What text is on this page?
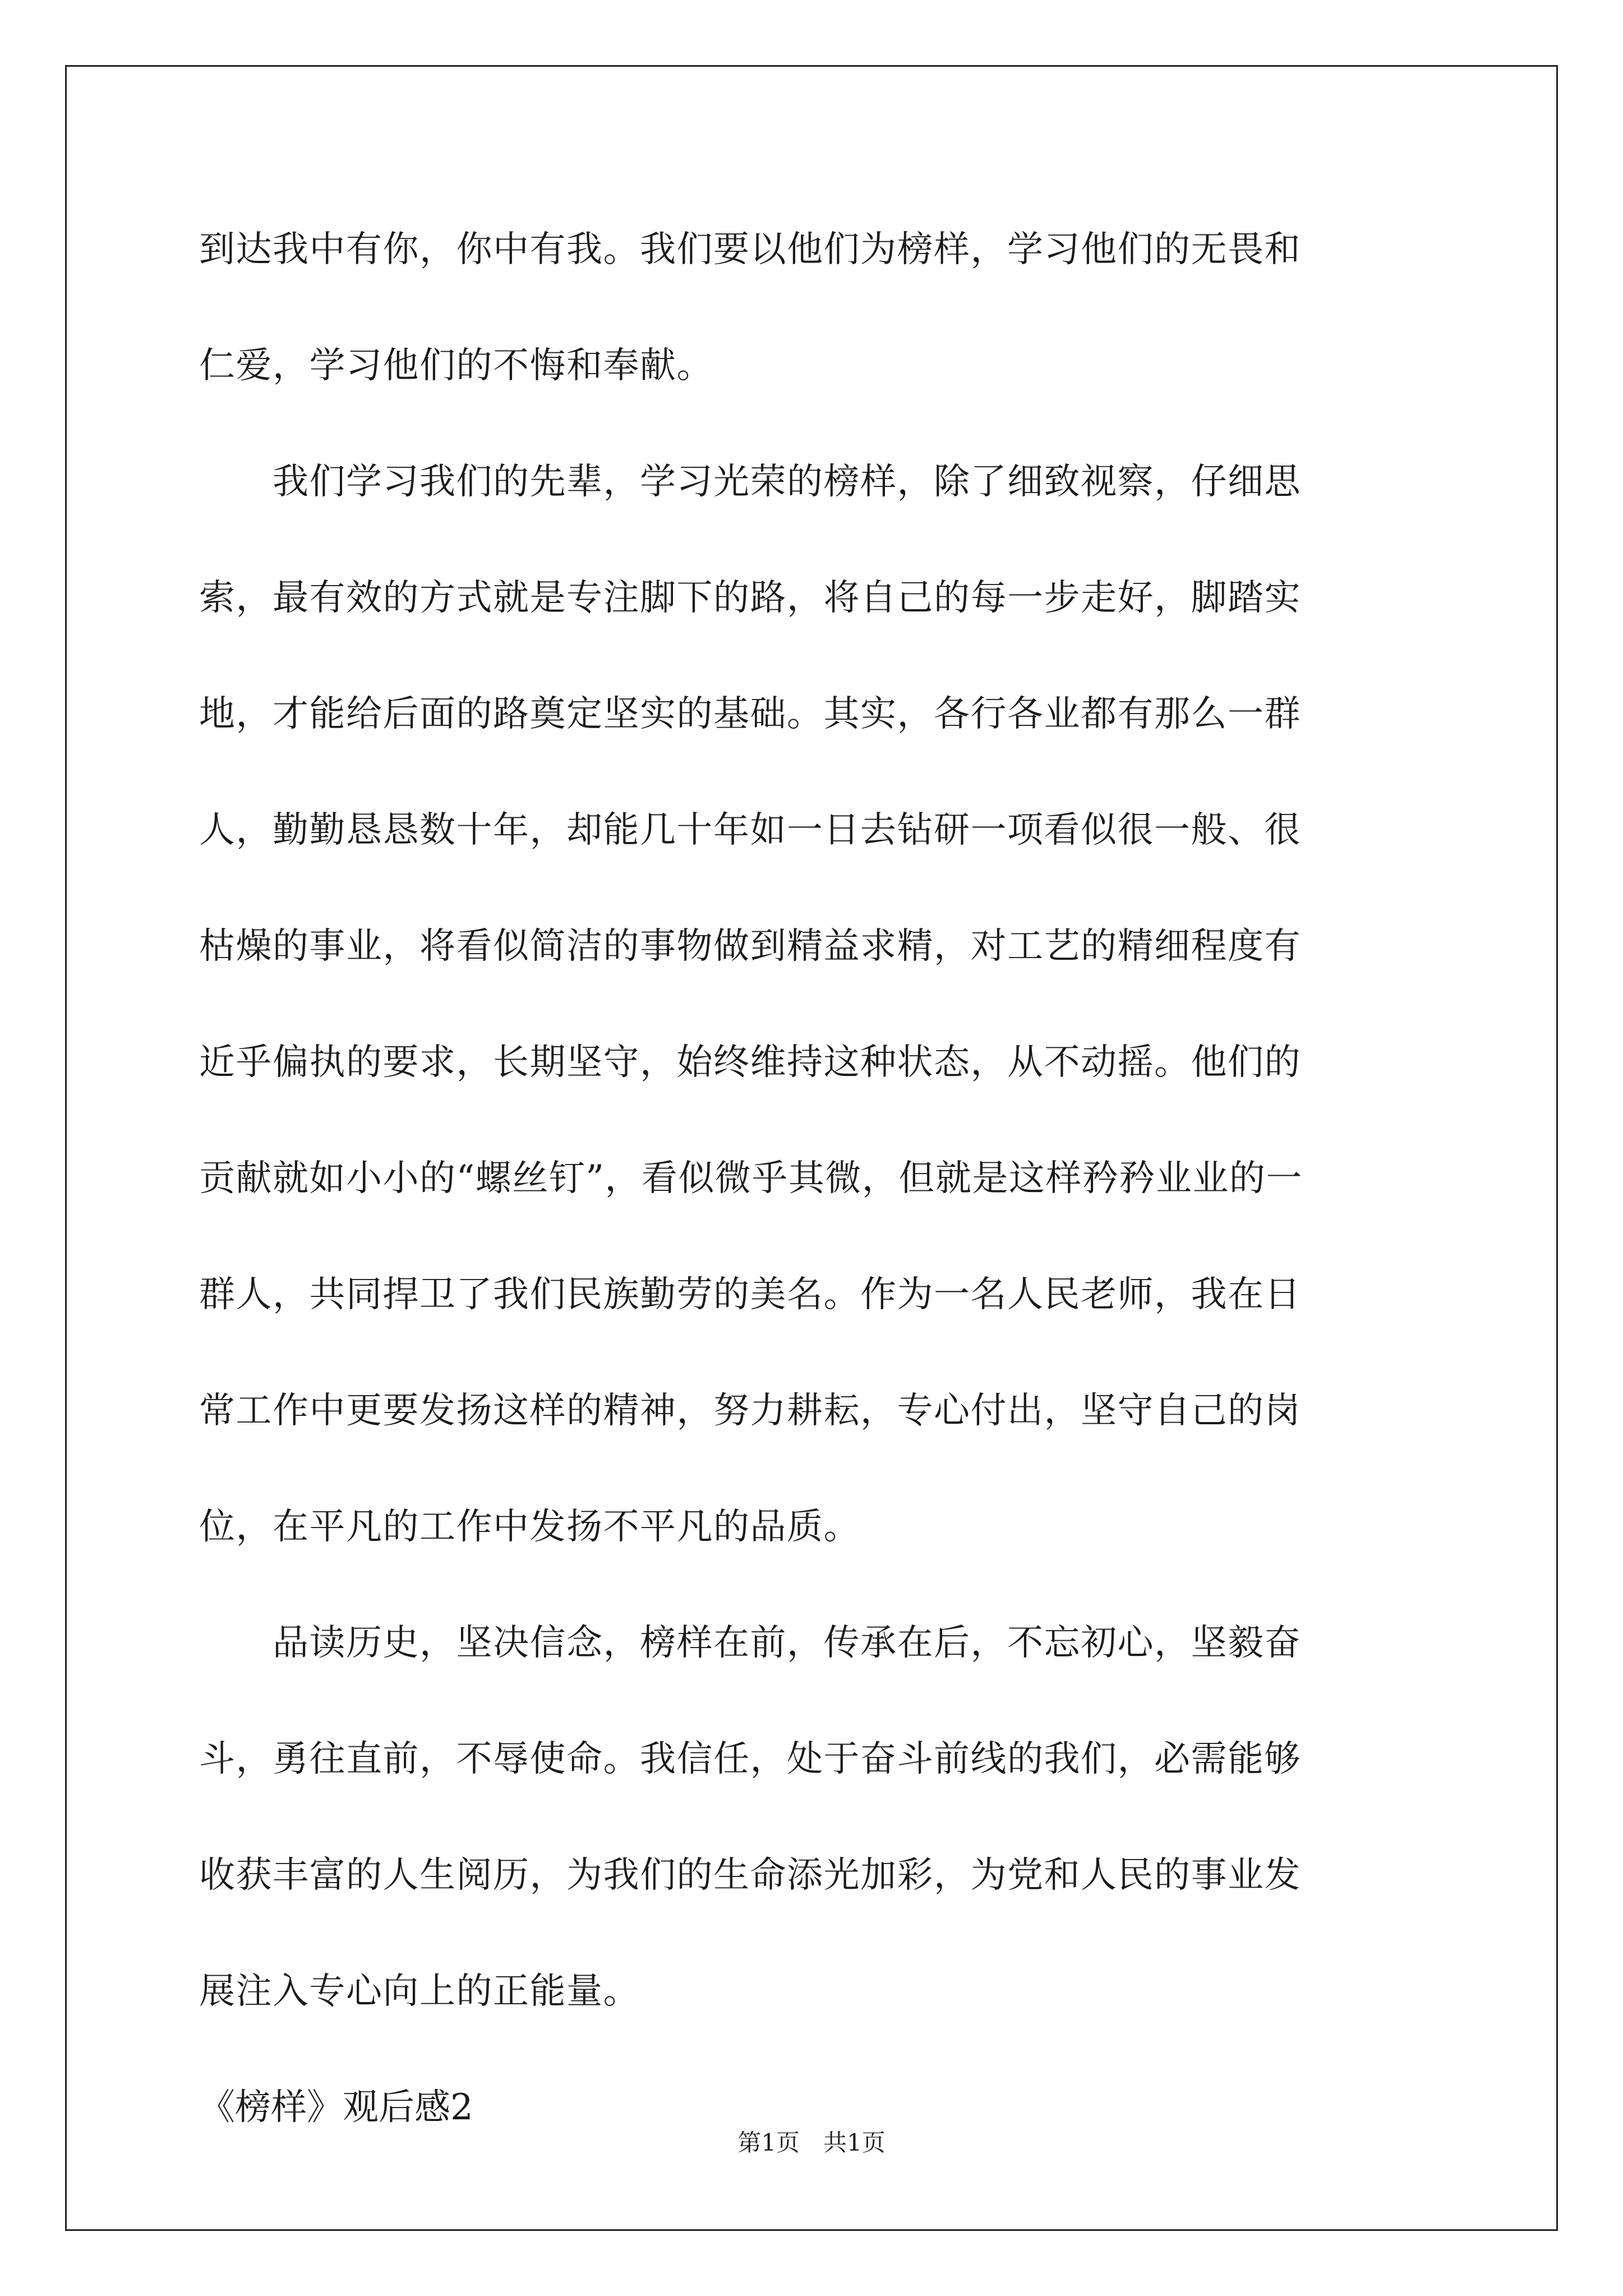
到达我中有你，你中有我。我们要以他们为榜样，学习他们的无畏和
仁爱，学习他们的不悔和奉献。
　　我们学习我们的先辈，学习光荣的榜样，除了细致视察，仔细思
索，最有效的方式就是专注脚下的路，将自己的每一步走好，脚踏实
地，才能给后面的路奠定坚实的基础。其实，各行各业都有那么一群
人，勤勤恳恳数十年，却能几十年如一日去钻研一项看似很一般、很
枯燥的事业，将看似简洁的事物做到精益求精，对工艺的精细程度有
近乎偏执的要求，长期坚守，始终维持这种状态，从不动摇。他们的
贡献就如小小的“螺丝钉”，看似微乎其微，但就是这样矜矜业业的一
群人，共同捍卫了我们民族勤劳的美名。作为一名人民老师，我在日
常工作中更要发扬这样的精神，努力耕耘，专心付出，坚守自己的岗
位，在平凡的工作中发扬不平凡的品质。
　　品读历史，坚决信念，榜样在前，传承在后，不忘初心，坚毅奋
斗，勇往直前，不辱使命。我信任，处于奋斗前线的我们，必需能够
收获丰富的人生阅历，为我们的生命添光加彩，为党和人民的事业发
展注入专心向上的正能量。
《榜样》观后感2
第1页　共1页
